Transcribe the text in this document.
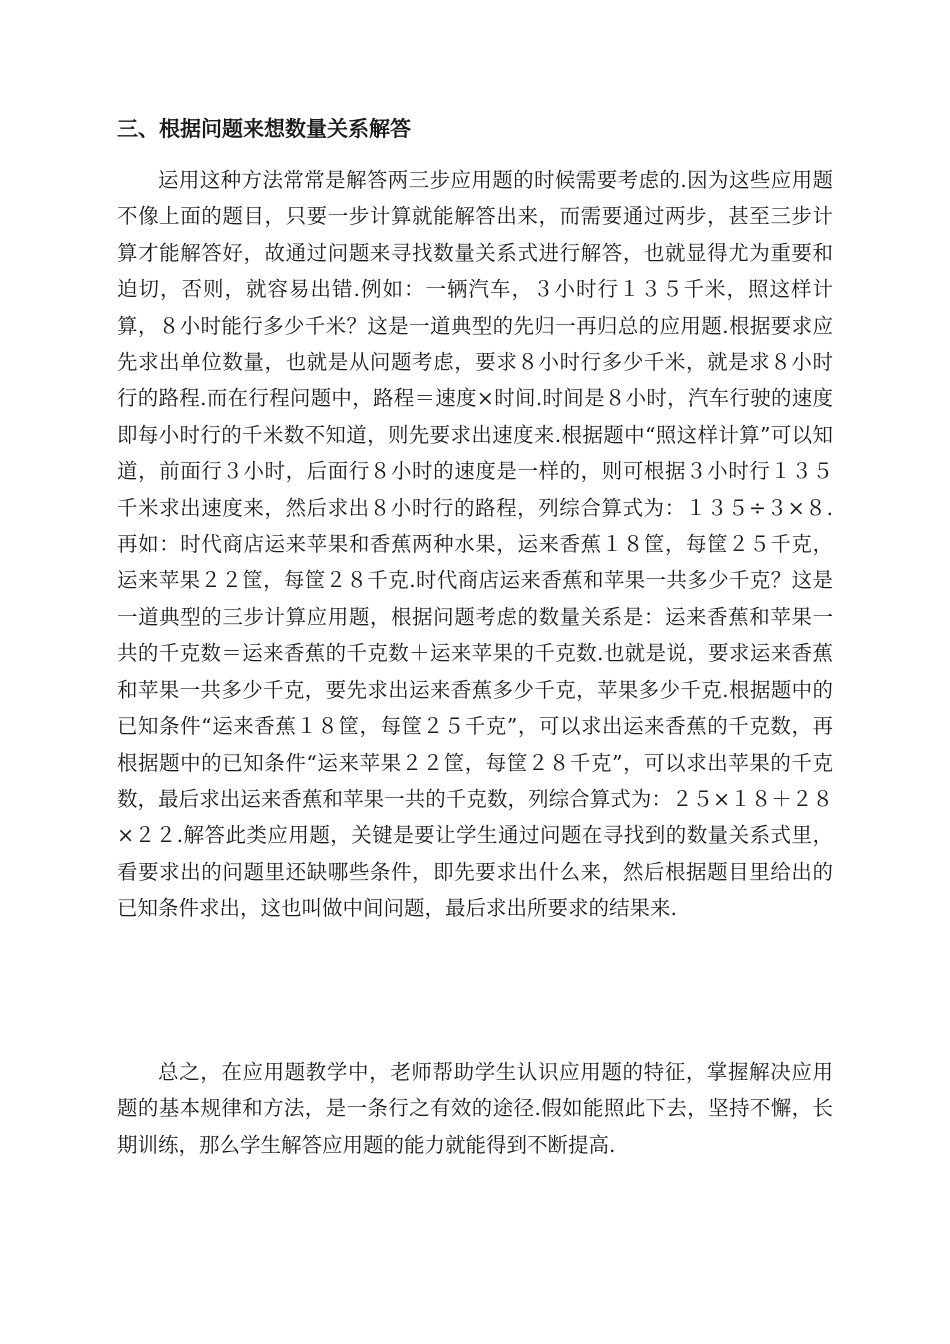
三、根据问题来想数量关系解答

运用这种方法常常是解答两三步应用题的时候需要考虑的.因为这些应用题不像上面的题目，只要一步计算就能解答出来，而需要通过两步，甚至三步计算才能解答好，故通过问题来寻找数量关系式进行解答，也就显得尤为重要和迫切，否则，就容易出错.例如：一辆汽车，３小时行１３５千米，照这样计算，８小时能行多少千米？这是一道典型的先归一再归总的应用题.根据要求应先求出单位数量，也就是从问题考虑，要求８小时行多少千米，就是求８小时行的路程.而在行程问题中，路程＝速度×时间.时间是８小时，汽车行驶的速度即每小时行的千米数不知道，则先要求出速度来.根据题中“照这样计算”可以知道，前面行３小时，后面行８小时的速度是一样的，则可根据３小时行１３５千米求出速度来，然后求出８小时行的路程，列综合算式为：１３５÷３×８.再如：时代商店运来苹果和香蕉两种水果，运来香蕉１８筐，每筐２５千克，运来苹果２２筐，每筐２８千克.时代商店运来香蕉和苹果一共多少千克？这是一道典型的三步计算应用题，根据问题考虑的数量关系是：运来香蕉和苹果一共的千克数＝运来香蕉的千克数＋运来苹果的千克数.也就是说，要求运来香蕉和苹果一共多少千克，要先求出运来香蕉多少千克，苹果多少千克.根据题中的已知条件“运来香蕉１８筐，每筐２５千克”，可以求出运来香蕉的千克数，再根据题中的已知条件“运来苹果２２筐，每筐２８千克”，可以求出苹果的千克数，最后求出运来香蕉和苹果一共的千克数，列综合算式为：２５×１８＋２８×２２.解答此类应用题，关键是要让学生通过问题在寻找到的数量关系式里，看要求出的问题里还缺哪些条件，即先要求出什么来，然后根据题目里给出的已知条件求出，这也叫做中间问题，最后求出所要求的结果来.

总之，在应用题教学中，老师帮助学生认识应用题的特征，掌握解决应用题的基本规律和方法，是一条行之有效的途径.假如能照此下去，坚持不懈，长期训练，那么学生解答应用题的能力就能得到不断提高.
